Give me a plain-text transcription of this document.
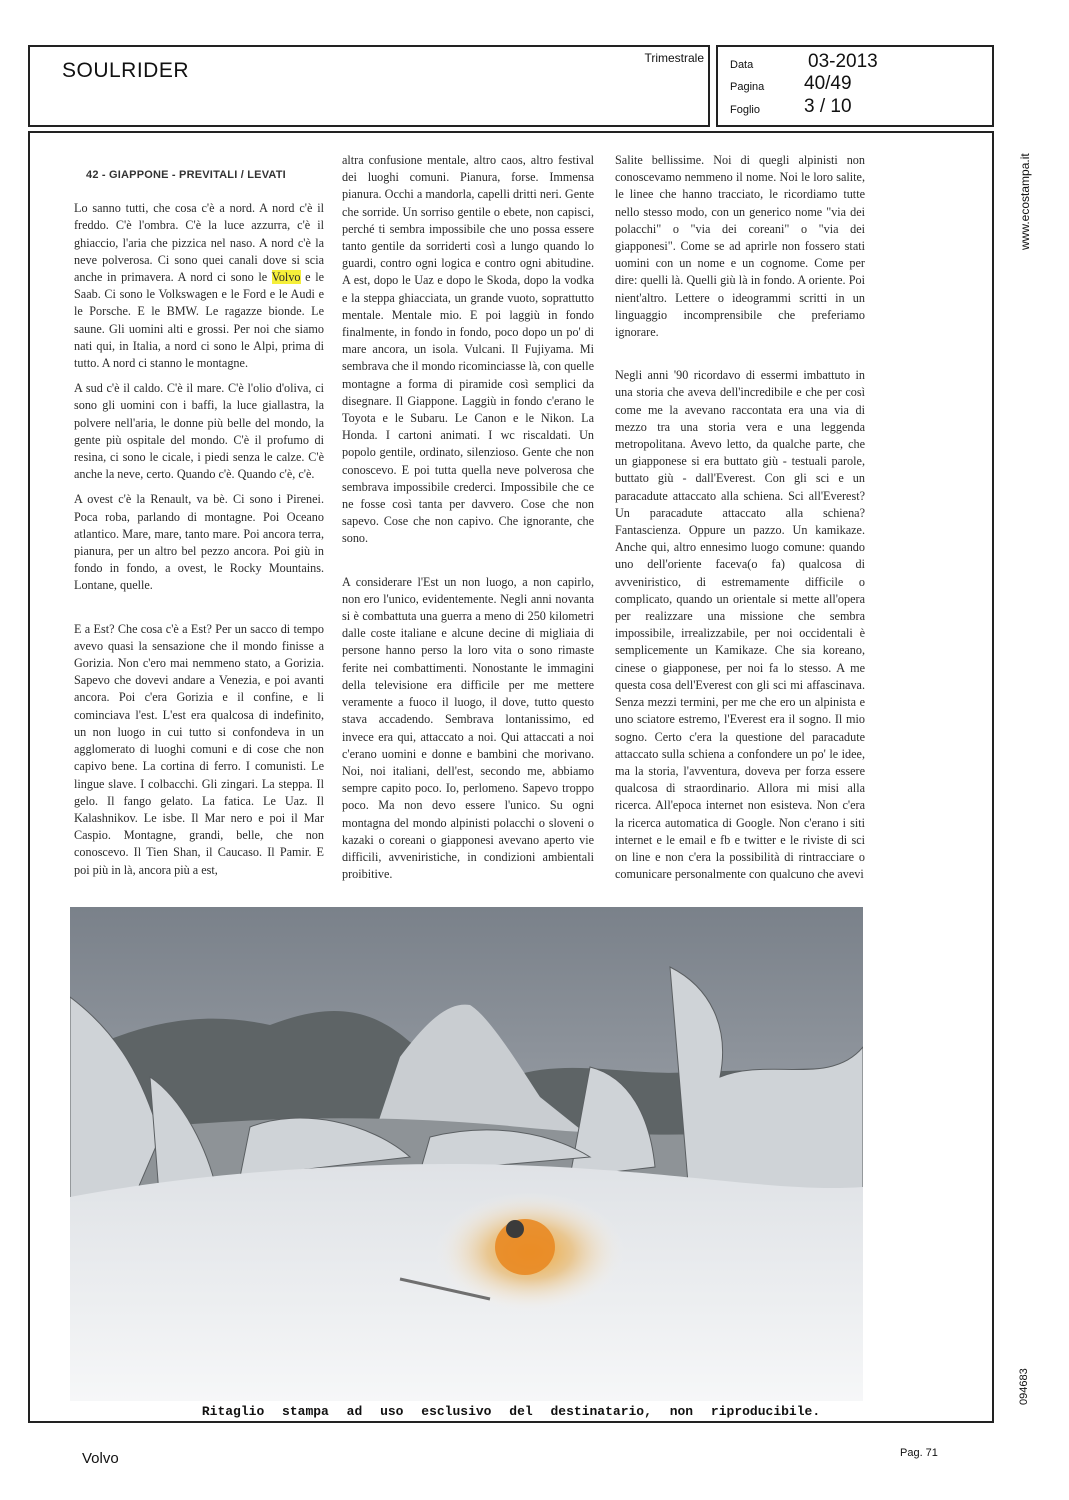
SOULRIDER
Trimestrale Data	03-2013
Pagina 40/49
Foglio 3 / 10
www.ecostampa.it
094683
42 - GIAPPONE - PREVITALI / LEVATI

Lo sanno tutti, che cosa c'è a nord. A nord c'è il freddo. C'è l'ombra. C'è la luce azzurra, c'è il ghiaccio, l'aria che pizzica nel naso. A nord c'è la neve polverosa. Ci sono quei canali dove si scia anche in primavera. A nord ci sono le Volvo e le Saab. Ci sono le Volkswagen e le Ford e le Audi e le Porsche. E le BMW. Le ragazze bionde. Le saune. Gli uomini alti e grossi. Per noi che siamo nati qui, in Italia, a nord ci sono le Alpi, prima di tutto. A nord ci stanno le montagne.

A sud c'è il caldo. C'è il mare. C'è l'olio d'oliva, ci sono gli uomini con i baffi, la luce giallastra, la polvere nell'aria, le donne più belle del mondo, la gente più ospitale del mondo. C'è il profumo di resina, ci sono le cicale, i piedi senza le calze. C'è anche la neve, certo. Quando c'è. Quando c'è, c'è.

A ovest c'è la Renault, va bè. Ci sono i Pirenei. Poca roba, parlando di montagne. Poi Oceano atlantico. Mare, mare, tanto mare. Poi ancora terra, pianura, per un altro bel pezzo ancora. Poi giù in fondo in fondo, a ovest, le Rocky Mountains. Lontane, quelle.

E a Est? Che cosa c'è a Est? Per un sacco di tempo avevo quasi la sensazione che il mondo finisse a Gorizia. Non c'ero mai nemmeno stato, a Gorizia. Sapevo che dovevi andare a Venezia, e poi avanti ancora. Poi c'era Gorizia e il confine, e li cominciava l'est. L'est era qualcosa di indefinito, un non luogo in cui tutto si confondeva in un agglomerato di luoghi comuni e di cose che non capivo bene. La cortina di ferro. I comunisti. Le lingue slave. I colbacchi. Gli zingari. La steppa. Il gelo. Il fango gelato. La fatica. Le Uaz. Il Kalashnikov. Le isbe. Il Mar nero e poi il Mar Caspio. Montagne, grandi, belle, che non conoscevo. Il Tien Shan, il Caucaso. Il Pamir. E poi più in là, ancora più a est,

altra confusione mentale, altro caos, altro festival dei luoghi comuni. Pianura, forse. Immensa pianura. Occhi a mandorla, capelli dritti neri. Gente che sorride. Un sorriso gentile o ebete, non capisci, perché ti sembra impossibile che uno possa essere tanto gentile da sorriderti così a lungo quando lo guardi, contro ogni logica e contro ogni abitudine. A est, dopo le Uaz e dopo le Skoda, dopo la vodka e la steppa ghiacciata, un grande vuoto, soprattutto mentale. Mentale mio. E poi laggiù in fondo finalmente, in fondo in fondo, poco dopo un po' di mare ancora, un isola. Vulcani. Il Fujiyama. Mi sembrava che il mondo ricominciasse là, con quelle montagne a forma di piramide così semplici da disegnare. Il Giappone. Laggiù in fondo c'erano le Toyota e le Subaru. Le Canon e le Nikon. La Honda. I cartoni animati. I wc riscaldati. Un popolo gentile, ordinato, silenzioso. Gente che non conoscevo. E poi tutta quella neve polverosa che sembrava impossibile crederci. Impossibile che ce ne fosse così tanta per davvero. Cose che non sapevo. Cose che non capivo. Che ignorante, che sono.

A considerare l'Est un non luogo, a non capirlo, non ero l'unico, evidentemente. Negli anni novanta si è combattuta una guerra a meno di 250 kilometri dalle coste italiane e alcune decine di migliaia di persone hanno perso la loro vita o sono rimaste ferite nei combattimenti. Nonostante le immagini della televisione era difficile per me mettere veramente a fuoco il luogo, il dove, tutto questo stava accadendo. Sembrava lontanissimo, ed invece era qui, attaccato a noi. Qui attaccati a noi c'erano uomini e donne e bambini che morivano. Noi, noi italiani, dell'est, secondo me, abbiamo sempre capito poco. Io, perlomeno. Sapevo troppo poco. Ma non devo essere l'unico. Su ogni montagna del mondo alpinisti polacchi o sloveni o kazaki o coreani o giapponesi avevano aperto vie difficili, avveniristiche, in condizioni ambientali proibitive.

Salite bellissime. Noi di quegli alpinisti non conoscevamo nemmeno il nome. Noi le loro salite, le linee che hanno tracciato, le ricordiamo tutte nello stesso modo, con un generico nome "via dei polacchi" o "via dei coreani" o "via dei giapponesi". Come se ad aprirle non fossero stati uomini con un nome e un cognome. Come per dire: quelli là. Quelli giù là in fondo. A oriente. Poi nient'altro. Lettere o ideogrammi scritti in un linguaggio incomprensibile che preferiamo ignorare.

Negli anni '90 ricordavo di essermi imbattuto in una storia che aveva dell'incredibile e che per così come me la avevano raccontata era una via di mezzo tra una storia vera e una leggenda metropolitana. Avevo letto, da qualche parte, che un giapponese si era buttato giù - testuali parole, buttato giù - dall'Everest. Con gli sci e un paracadute attaccato alla schiena. Sci all'Everest? Un paracadute attaccato alla schiena? Fantascienza. Oppure un pazzo. Un kamikaze. Anche qui, altro ennesimo luogo comune: quando uno dell'oriente faceva(o fa) qualcosa di avveniristico, di estremamente difficile o complicato, quando un orientale si mette all'opera per realizzare una missione che sembra impossibile, irrealizzabile, per noi occidentali è semplicemente un Kamikaze. Che sia koreano, cinese o giapponese, per noi fa lo stesso. A me questa cosa dell'Everest con gli sci mi affascinava. Senza mezzi termini, per me che ero un alpinista e uno sciatore estremo, l'Everest era il sogno. Il mio sogno. Certo c'era la questione del paracadute attaccato sulla schiena a confondere un po' le idee, ma la storia, l'avventura, doveva per forza essere qualcosa di straordinario. Allora mi misi alla ricerca. All'epoca internet non esisteva. Non c'era la ricerca automatica di Google. Non c'erano i siti internet e le email e fb e twitter e le riviste di sci on line e non c'era la possibilità di rintracciare o comunicare personalmente con qualcuno che avevi

Ritaglio stampa ad uso esclusivo del destinatario, non riproducibile.
Volvo	Pag. 71
